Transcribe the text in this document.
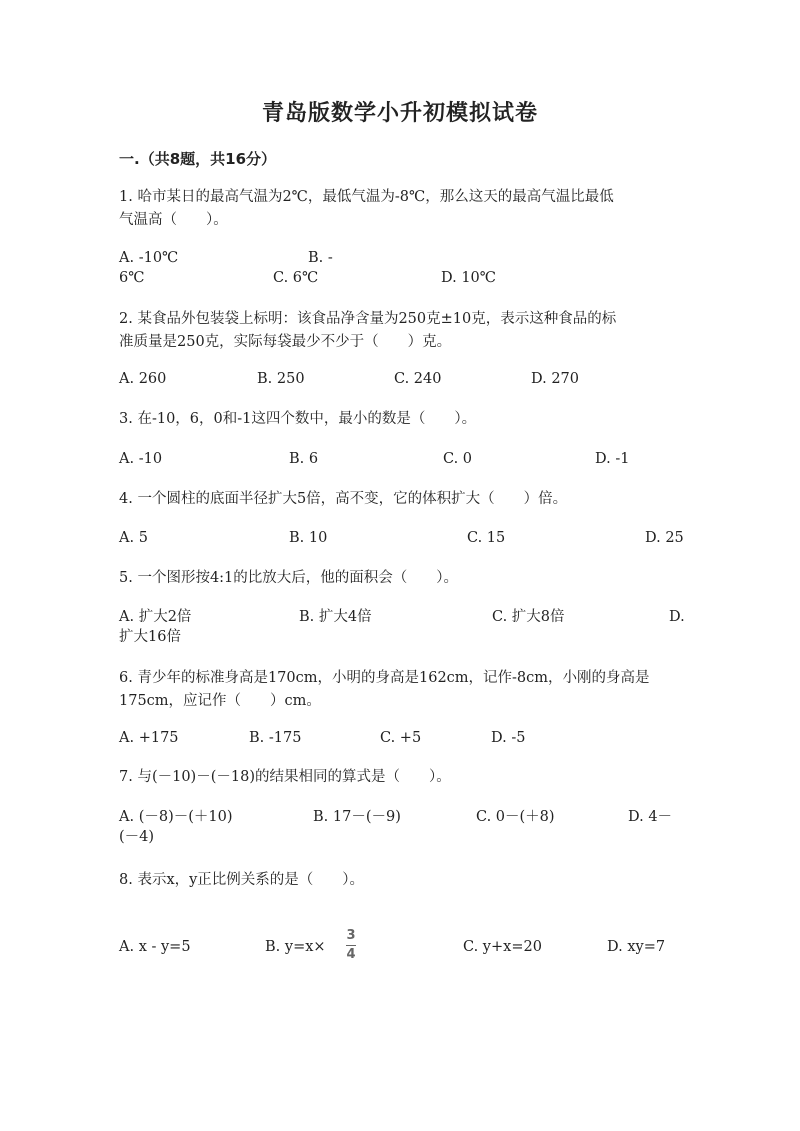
青岛版数学小升初模拟试卷
一.（共8题，共16分）
1. 哈市某日的最高气温为2℃，最低气温为-8℃，那么这天的最高气温比最低
气温高（　　）。
A. -10℃	B. -
6℃	C. 6℃	D. 10℃
2. 某食品外包装袋上标明：该食品净含量为250克±10克，表示这种食品的标
准质量是250克，实际每袋最少不少于（　　）克。
A. 260	B. 250	C. 240	D. 270
3. 在-10，6，0和-1这四个数中，最小的数是（　　）。
A. -10	B. 6	C. 0	D. -1
4. 一个圆柱的底面半径扩大5倍，高不变，它的体积扩大（　　）倍。
A. 5	B. 10	C. 15	D. 25
5. 一个图形按4:1的比放大后，他的面积会（　　）。
A. 扩大2倍	B. 扩大4倍	C. 扩大8倍	D.
扩大16倍
6. 青少年的标准身高是170cm，小明的身高是162cm，记作-8cm，小刚的身高是
175cm，应记作（　　）cm。
A. +175	B. -175	C. +5	D. -5
7. 与(－10)－(－18)的结果相同的算式是（　　）。
A. (－8)－(＋10)	B. 17－(－9)	C. 0－(＋8)	D. 4－
(－4)
8. 表示x，y正比例关系的是（　　）。
A. x - y=5	B. y=x×
3
4	C. y+x=20	D. xy=7
